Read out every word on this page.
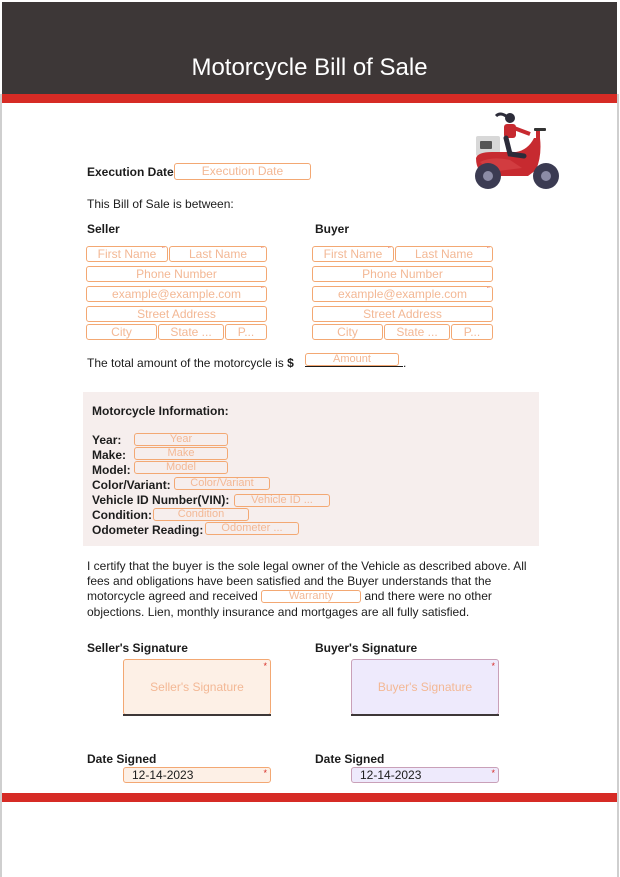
Motorcycle Bill of Sale
Execution Date	Execution Date
This Bill of Sale is between:
Seller
First Name *	Last Name *
Phone Number
example@example.com *
Street Address
City	State ...	P...
Buyer
First Name *	Last Name *
Phone Number
example@example.com *
Street Address
City	State ...	P...
The total amount of the motorcycle is $	Amount	.
Motorcycle Information:
Year:	Year
Make:	Make
Model:	Model
Color/Variant:	Color/Variant
Vehicle ID Number(VIN):	Vehicle ID ...
Condition:	Condition
Odometer Reading:	Odometer ...
I certify that the buyer is the sole legal owner of the Vehicle as described above. All fees and obligations have been satisfied and the Buyer understands that the motorcycle agreed and received	Warranty	and there were no other objections. Lien, monthly insurance and mortgages are all fully satisfied.
Seller's Signature	Buyer's Signature
Seller's Signature *	Buyer's Signature *
Date Signed
12-14-2023 *
Date Signed
12-14-2023 *
